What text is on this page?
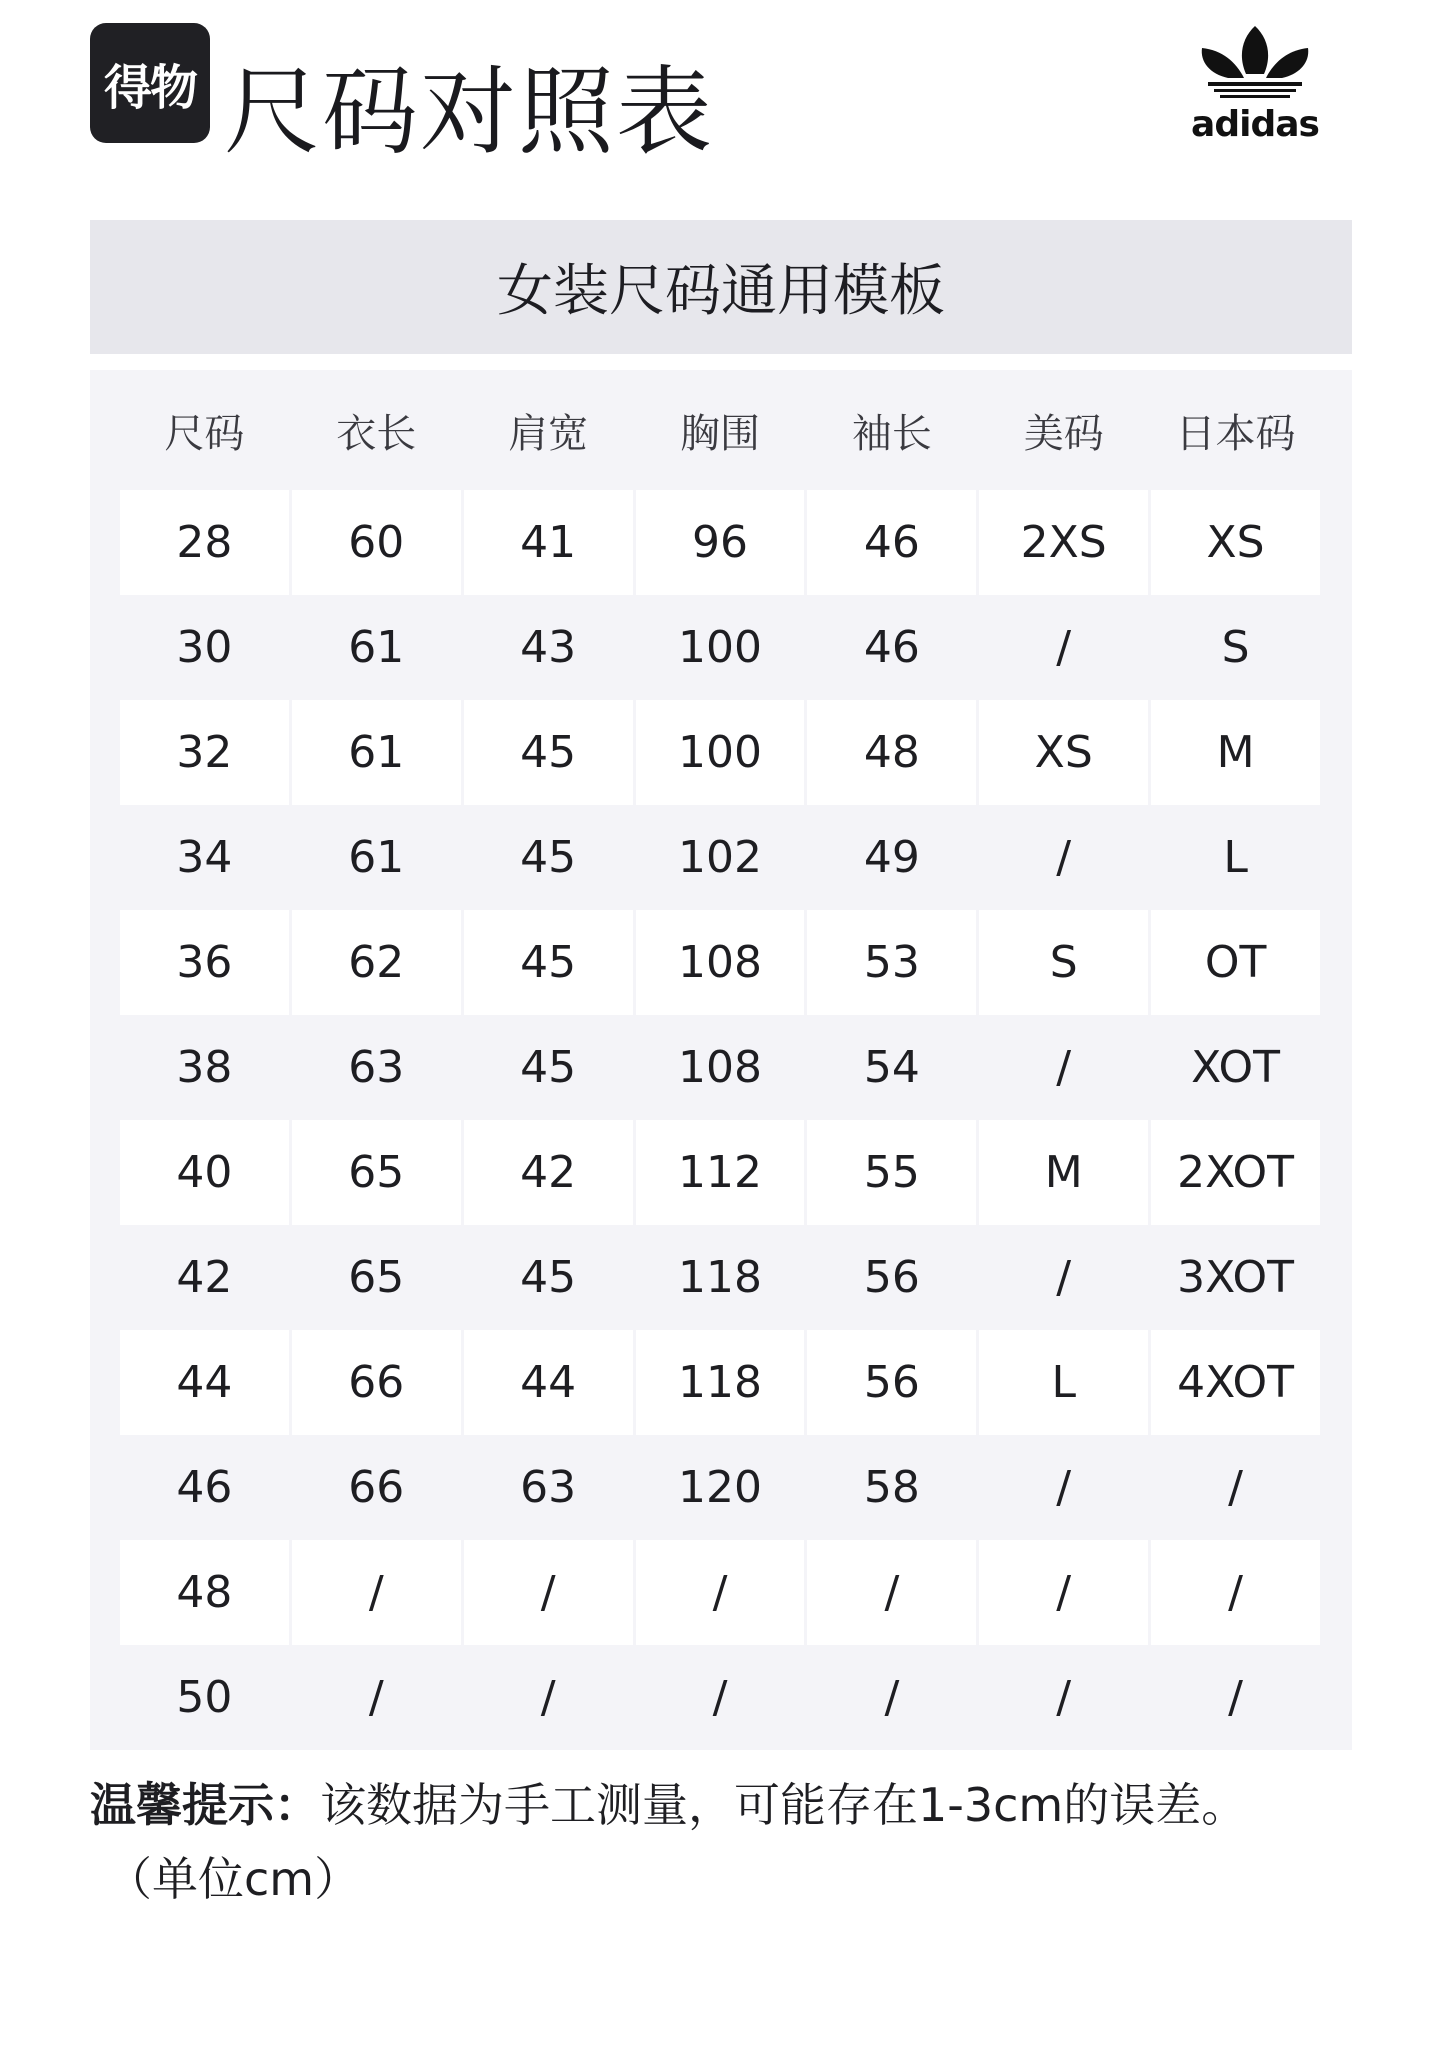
得物 尺码对照表	adidas
女装尺码通用模板
尺码	衣长	肩宽	胸围	袖长	美码	日本码
28	60	41	96	46	2XS	XS
30	61	43	100	46	/	S
32	61	45	100	48	XS	M
34	61	45	102	49	/	L
36	62	45	108	53	S	OT
38	63	45	108	54	/	XOT
40	65	42	112	55	M	2XOT
42	65	45	118	56	/	3XOT
44	66	44	118	56	L	4XOT
46	66	63	120	58	/	/
48	/	/	/	/	/	/
50	/	/	/	/	/	/
温馨提示：该数据为手工测量，可能存在1-3cm的误差。
（单位cm）
